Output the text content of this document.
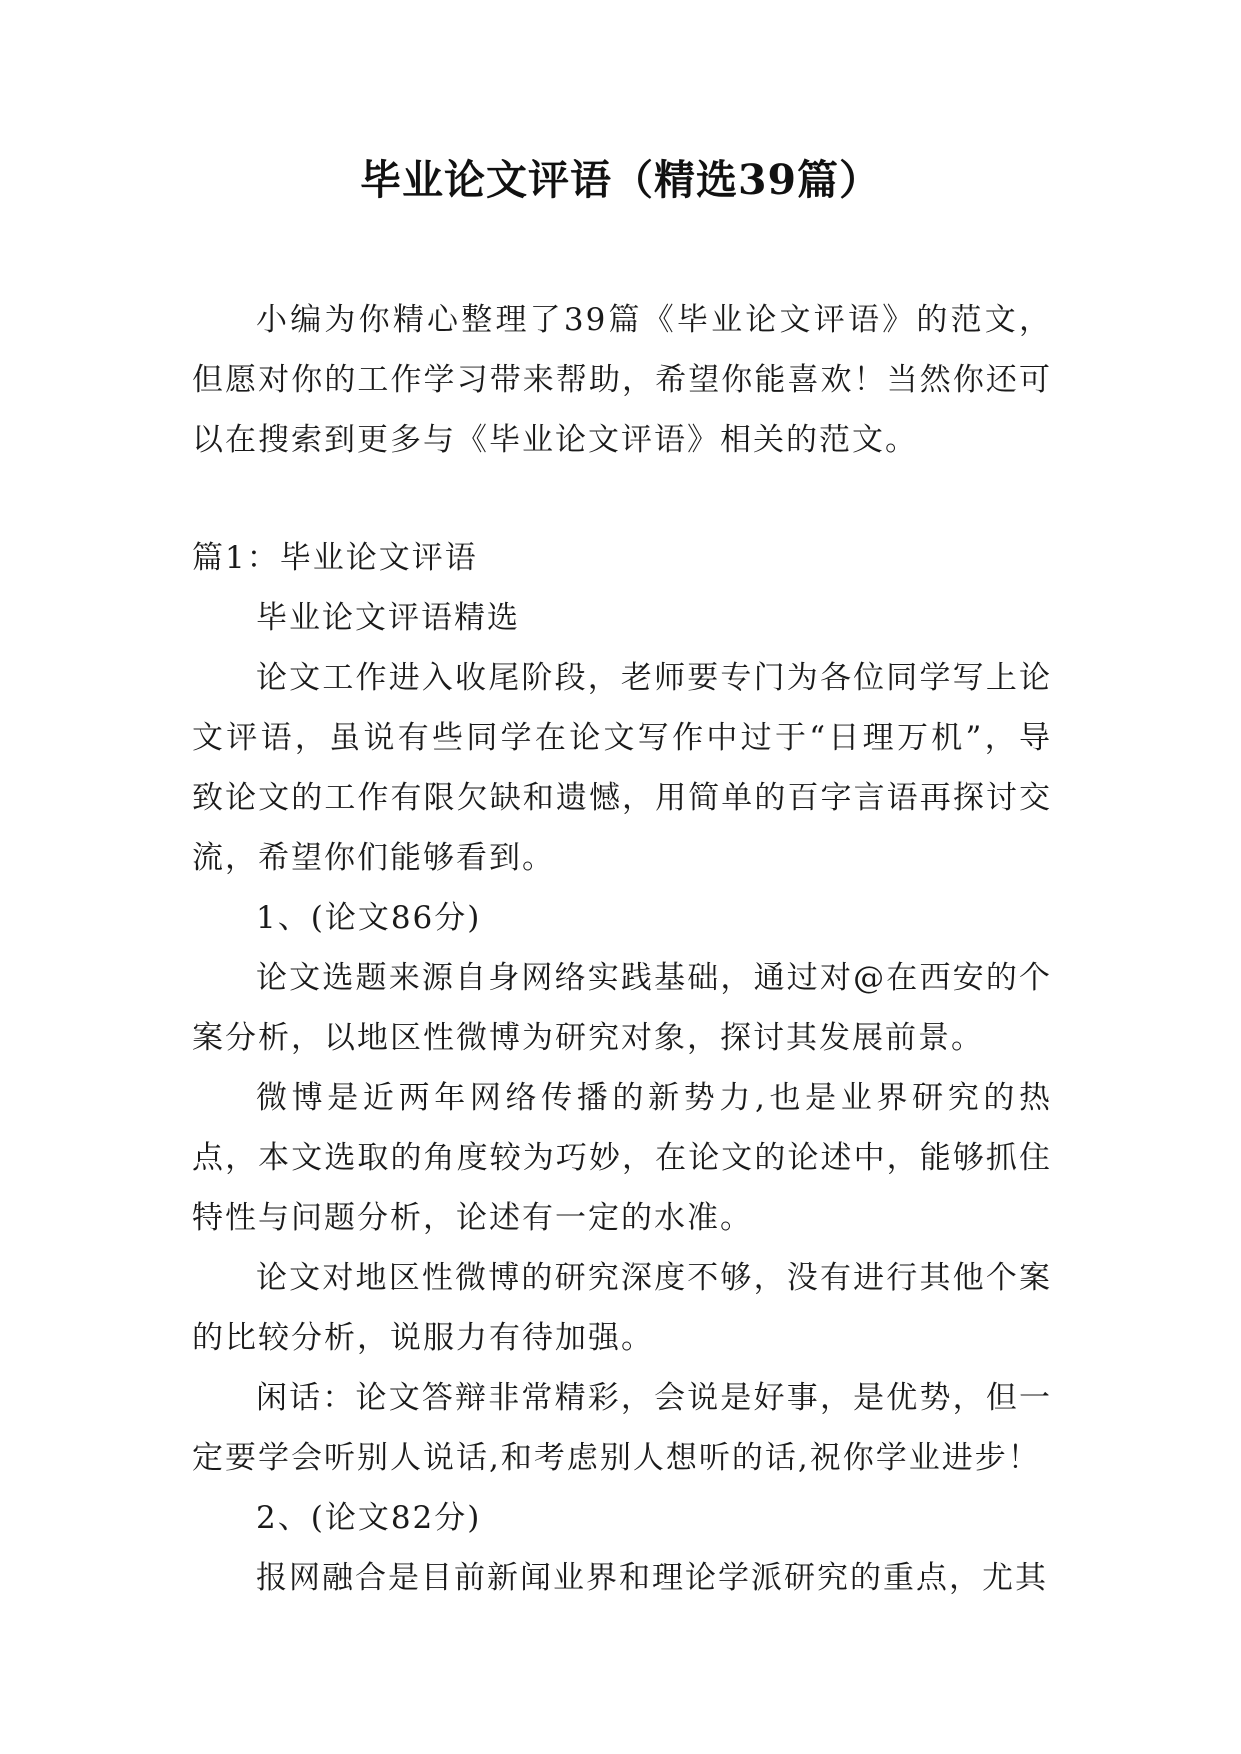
毕业论文评语（精选39篇）

小编为你精心整理了39篇《毕业论文评语》的范文，但愿对你的工作学习带来帮助，希望你能喜欢！当然你还可以在搜索到更多与《毕业论文评语》相关的范文。

篇1：毕业论文评语

毕业论文评语精选

论文工作进入收尾阶段，老师要专门为各位同学写上论文评语，虽说有些同学在论文写作中过于“日理万机”，导致论文的工作有限欠缺和遗憾，用简单的百字言语再探讨交流，希望你们能够看到。

1、(论文86分)

论文选题来源自身网络实践基础，通过对@在西安的个案分析，以地区性微博为研究对象，探讨其发展前景。

微博是近两年网络传播的新势力,也是业界研究的热点，本文选取的角度较为巧妙，在论文的论述中，能够抓住特性与问题分析，论述有一定的水准。

论文对地区性微博的研究深度不够，没有进行其他个案的比较分析，说服力有待加强。

闲话：论文答辩非常精彩，会说是好事，是优势，但一定要学会听别人说话,和考虑别人想听的话,祝你学业进步！

2、(论文82分)

报网融合是目前新闻业界和理论学派研究的重点，尤其
